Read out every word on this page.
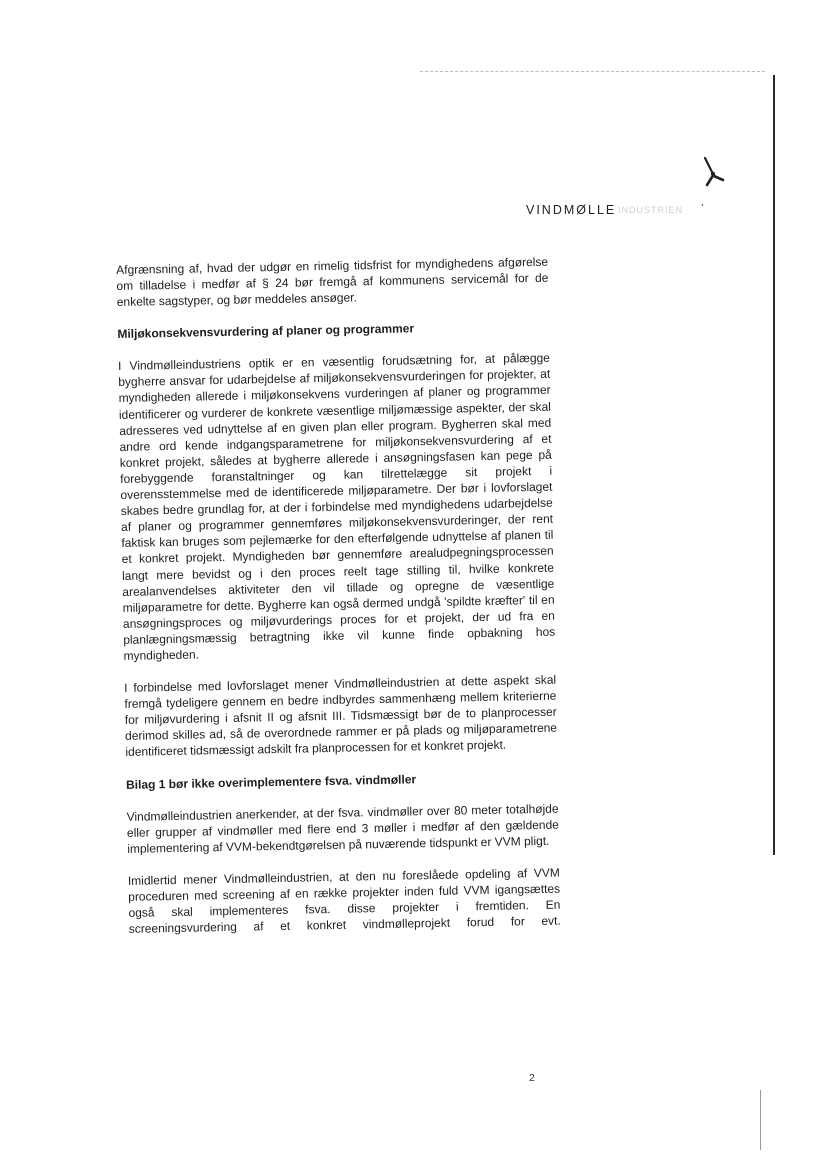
VINDMØLLE INDUSTRIEN

Afgrænsning af, hvad der udgør en rimelig tidsfrist for myndighedens afgørelse om tilladelse i medfør af § 24 bør fremgå af kommunens servicemål for de enkelte sagstyper, og bør meddeles ansøger.

Miljøkonsekvensvurdering af planer og programmer

I Vindmølleindustriens optik er en væsentlig forudsætning for, at pålægge bygherre ansvar for udarbejdelse af miljøkonsekvensvurderingen for projekter, at myndigheden allerede i miljøkonsekvens vurderingen af planer og programmer identificerer og vurderer de konkrete væsentlige miljømæssige aspekter, der skal adresseres ved udnyttelse af en given plan eller program. Bygherren skal med andre ord kende indgangsparametrene for miljøkonsekvensvurdering af et konkret projekt, således at bygherre allerede i ansøgningsfasen kan pege på forebyggende foranstaltninger og kan tilrettelægge sit projekt i overensstemmelse med de identificerede miljøparametre. Der bør i lovforslaget skabes bedre grundlag for, at der i forbindelse med myndighedens udarbejdelse af planer og programmer gennemføres miljøkonsekvensvurderinger, der rent faktisk kan bruges som pejlemærke for den efterfølgende udnyttelse af planen til et konkret projekt. Myndigheden bør gennemføre arealudpegningsprocessen langt mere bevidst og i den proces reelt tage stilling til, hvilke konkrete arealanvendelses aktiviteter den vil tillade og opregne de væsentlige miljøparametre for dette. Bygherre kan også dermed undgå 'spildte kræfter' til en ansøgningsproces og miljøvurderings proces for et projekt, der ud fra en planlægningsmæssig betragtning ikke vil kunne finde opbakning hos myndigheden.

I forbindelse med lovforslaget mener Vindmølleindustrien at dette aspekt skal fremgå tydeligere gennem en bedre indbyrdes sammenhæng mellem kriterierne for miljøvurdering i afsnit II og afsnit III. Tidsmæssigt bør de to planprocesser derimod skilles ad, så de overordnede rammer er på plads og miljøparametrene identificeret tidsmæssigt adskilt fra planprocessen for et konkret projekt.

Bilag 1 bør ikke overimplementere fsva. vindmøller

Vindmølleindustrien anerkender, at der fsva. vindmøller over 80 meter totalhøjde eller grupper af vindmøller med flere end 3 møller i medfør af den gældende implementering af VVM-bekendtgørelsen på nuværende tidspunkt er VVM pligt.

Imidlertid mener Vindmølleindustrien, at den nu foreslåede opdeling af VVM proceduren med screening af en række projekter inden fuld VVM igangsættes også skal implementeres fsva. disse projekter i fremtiden. En screeningsvurdering af et konkret vindmølleprojekt forud for evt.

2
